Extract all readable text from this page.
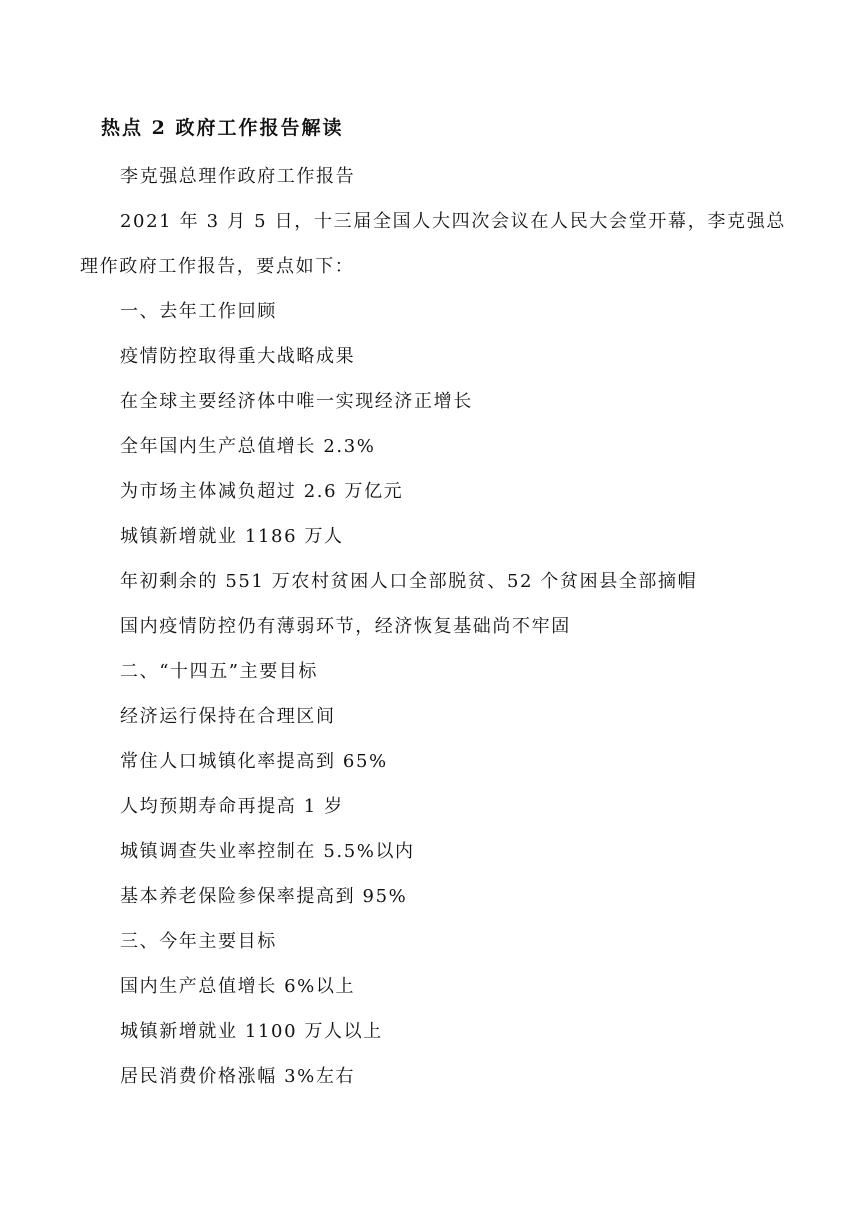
热点 2 政府工作报告解读

李克强总理作政府工作报告

2021 年 3 月 5 日，十三届全国人大四次会议在人民大会堂开幕，李克强总理作政府工作报告，要点如下：

一、去年工作回顾

疫情防控取得重大战略成果

在全球主要经济体中唯一实现经济正增长

全年国内生产总值增长 2.3%

为市场主体减负超过 2.6 万亿元

城镇新增就业 1186 万人

年初剩余的 551 万农村贫困人口全部脱贫、52 个贫困县全部摘帽

国内疫情防控仍有薄弱环节，经济恢复基础尚不牢固

二、“十四五”主要目标

经济运行保持在合理区间

常住人口城镇化率提高到 65%

人均预期寿命再提高 1 岁

城镇调查失业率控制在 5.5%以内

基本养老保险参保率提高到 95%

三、今年主要目标

国内生产总值增长 6%以上

城镇新增就业 1100 万人以上

居民消费价格涨幅 3%左右
